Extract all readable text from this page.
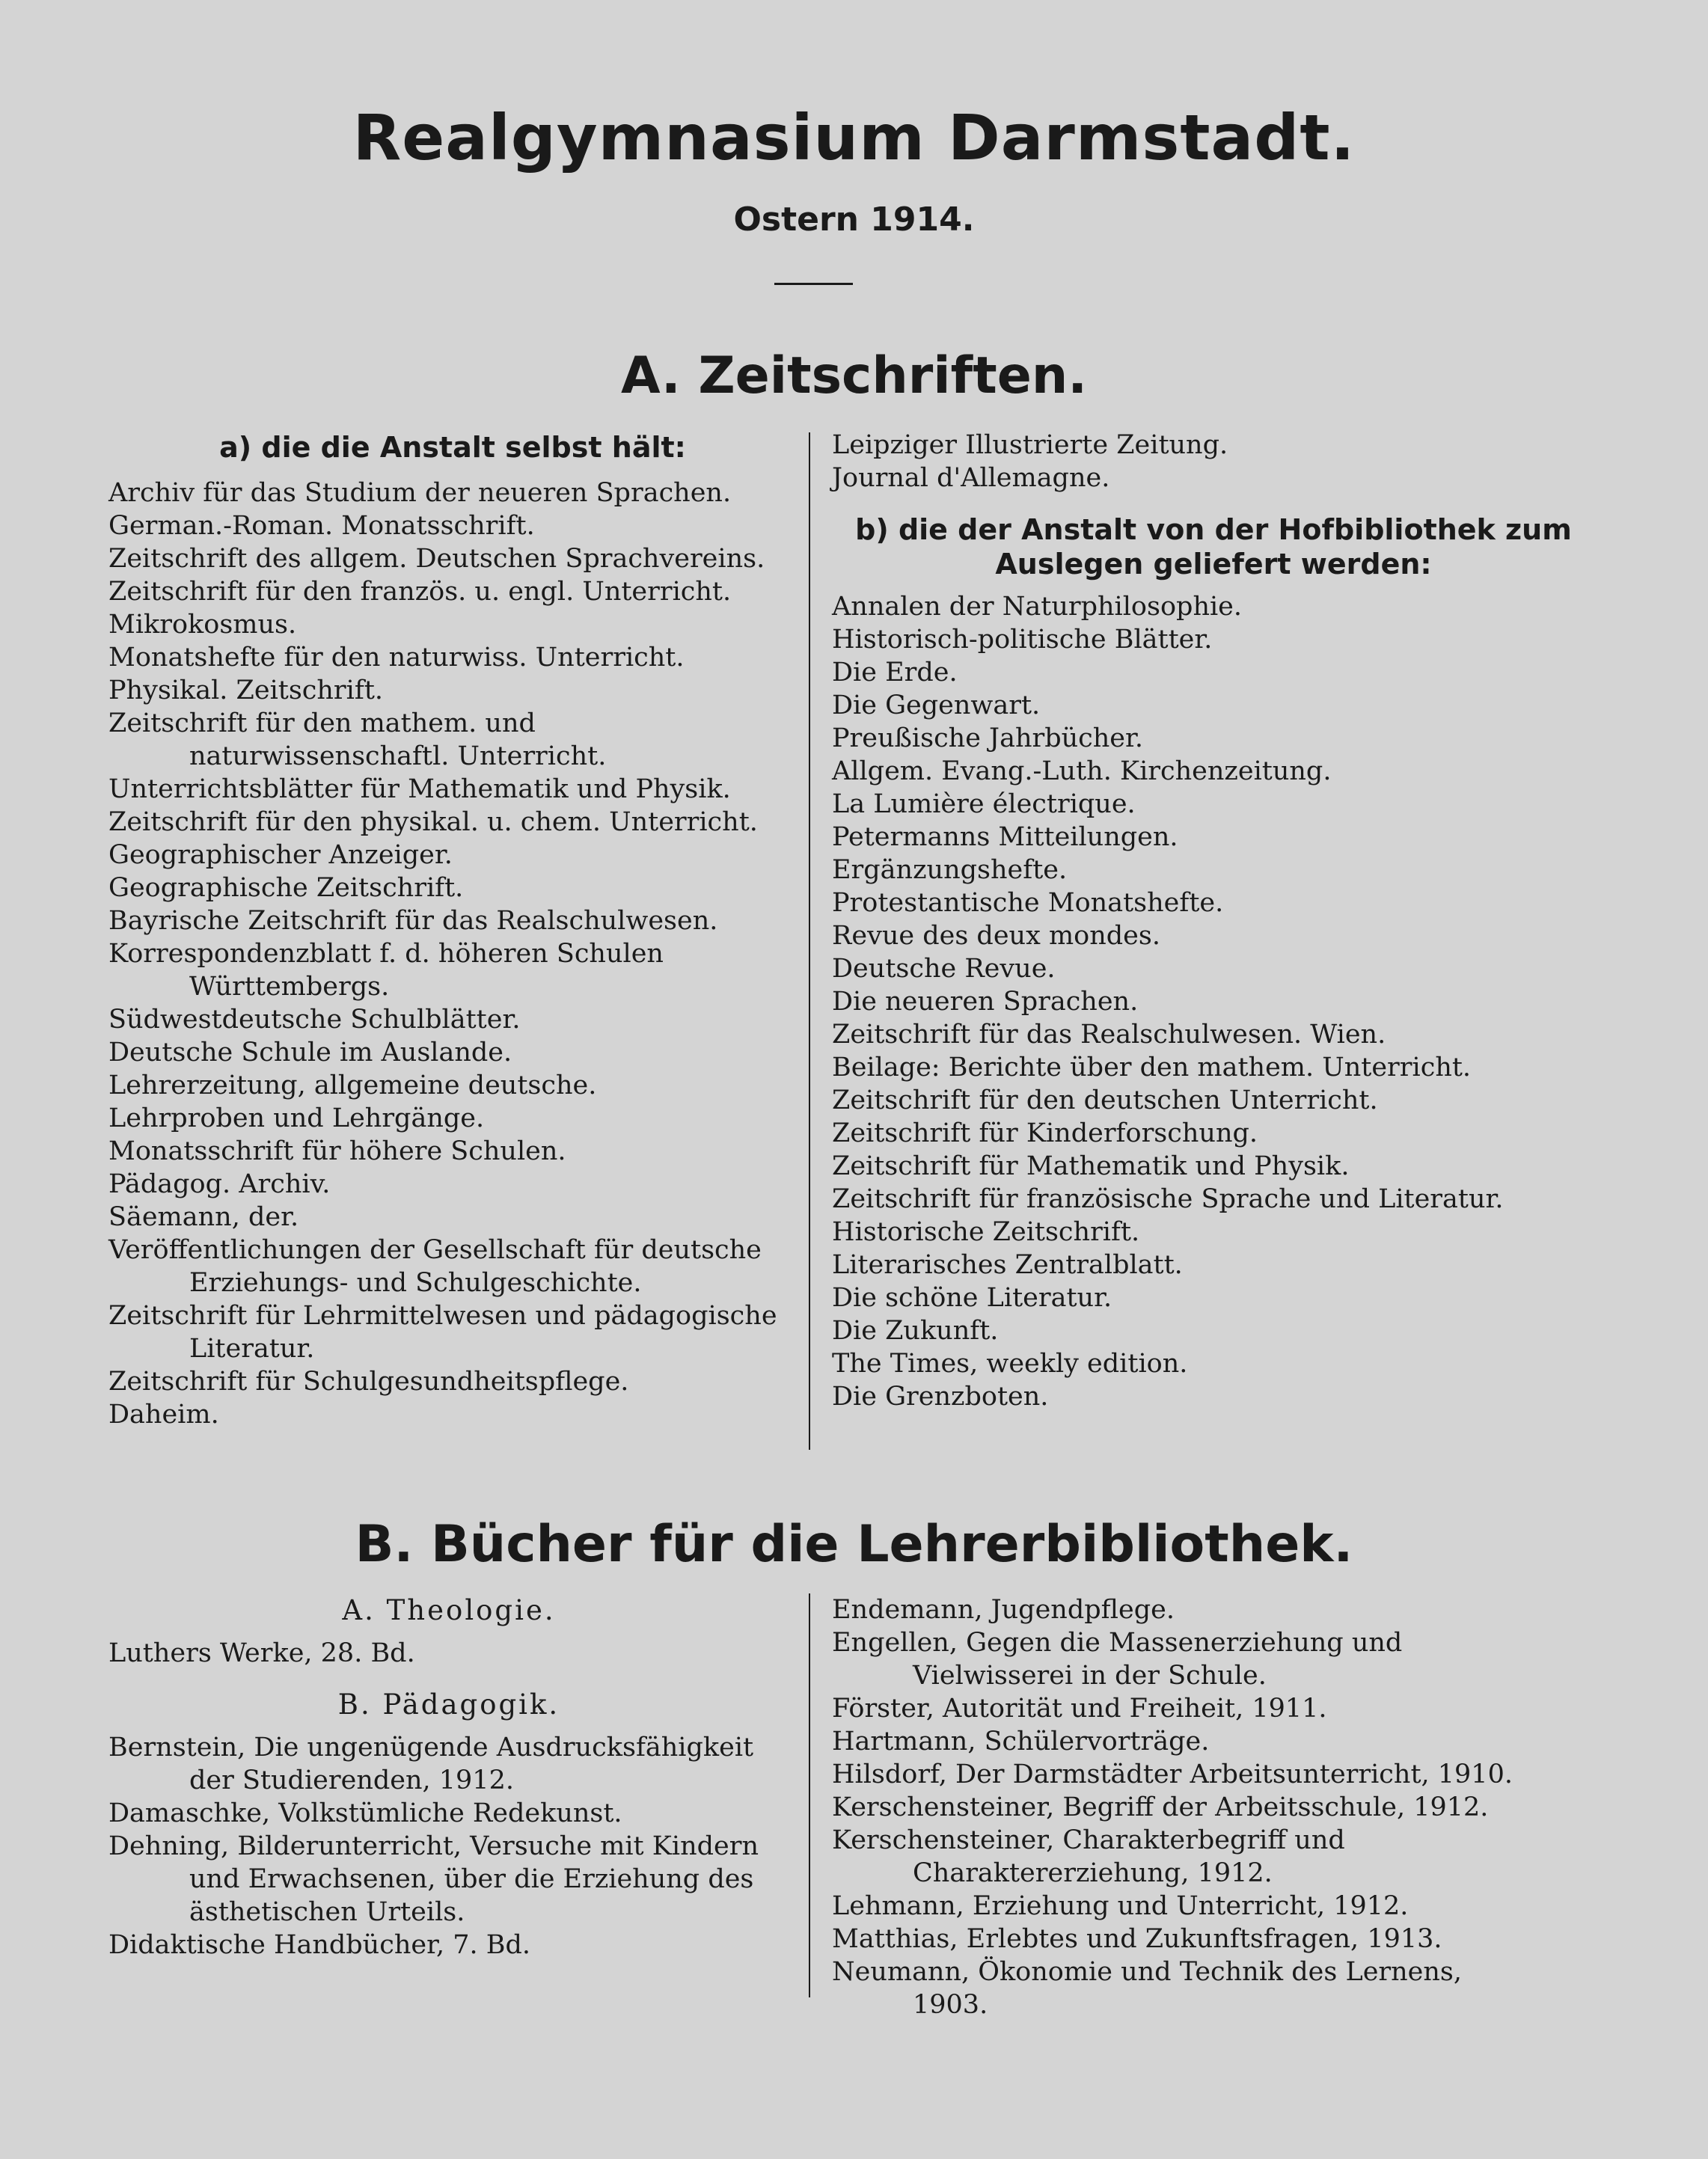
Realgymnasium Darmstadt.
Ostern 1914.
A. Zeitschriften.
a) die die Anstalt selbst hält:
Archiv für das Studium der neueren Sprachen.
German.-Roman. Monatsschrift.
Zeitschrift des allgem. Deutschen Sprachvereins.
Zeitschrift für den französ. u. engl. Unterricht.
Mikrokosmus.
Monatshefte für den naturwiss. Unterricht.
Physikal. Zeitschrift.
Zeitschrift für den mathem. und naturwissenschaftl. Unterricht.
Unterrichtsblätter für Mathematik und Physik.
Zeitschrift für den physikal. u. chem. Unterricht.
Geographischer Anzeiger.
Geographische Zeitschrift.
Bayrische Zeitschrift für das Realschulwesen.
Korrespondenzblatt f. d. höheren Schulen Württembergs.
Südwestdeutsche Schulblätter.
Deutsche Schule im Auslande.
Lehrerzeitung, allgemeine deutsche.
Lehrproben und Lehrgänge.
Monatsschrift für höhere Schulen.
Pädagog. Archiv.
Säemann, der.
Veröffentlichungen der Gesellschaft für deutsche Erziehungs- und Schulgeschichte.
Zeitschrift für Lehrmittelwesen und pädagogische Literatur.
Zeitschrift für Schulgesundheitspflege.
Daheim.
Leipziger Illustrierte Zeitung.
Journal d'Allemagne.
b) die der Anstalt von der Hofbibliothek zum Auslegen geliefert werden:
Annalen der Naturphilosophie.
Historisch-politische Blätter.
Die Erde.
Die Gegenwart.
Preußische Jahrbücher.
Allgem. Evang.-Luth. Kirchenzeitung.
La Lumière électrique.
Petermanns Mitteilungen.
Ergänzungshefte.
Protestantische Monatshefte.
Revue des deux mondes.
Deutsche Revue.
Die neueren Sprachen.
Zeitschrift für das Realschulwesen. Wien.
Beilage: Berichte über den mathem. Unterricht.
Zeitschrift für den deutschen Unterricht.
Zeitschrift für Kinderforschung.
Zeitschrift für Mathematik und Physik.
Zeitschrift für französische Sprache und Literatur.
Historische Zeitschrift.
Literarisches Zentralblatt.
Die schöne Literatur.
Die Zukunft.
The Times, weekly edition.
Die Grenzboten.
B. Bücher für die Lehrerbibliothek.
A. Theologie.
Luthers Werke, 28. Bd.
B. Pädagogik.
Bernstein, Die ungenügende Ausdrucksfähigkeit der Studierenden, 1912.
Damaschke, Volkstümliche Redekunst.
Dehning, Bilderunterricht, Versuche mit Kindern und Erwachsenen, über die Erziehung des ästhetischen Urteils.
Didaktische Handbücher, 7. Bd.
Endemann, Jugendpflege.
Engellen, Gegen die Massenerziehung und Vielwisserei in der Schule.
Förster, Autorität und Freiheit, 1911.
Hartmann, Schülervorträge.
Hilsdorf, Der Darmstädter Arbeitsunterricht, 1910.
Kerschensteiner, Begriff der Arbeitsschule, 1912.
Kerschensteiner, Charakterbegriff und Charaktererziehung, 1912.
Lehmann, Erziehung und Unterricht, 1912.
Matthias, Erlebtes und Zukunftsfragen, 1913.
Neumann, Ökonomie und Technik des Lernens, 1903.
